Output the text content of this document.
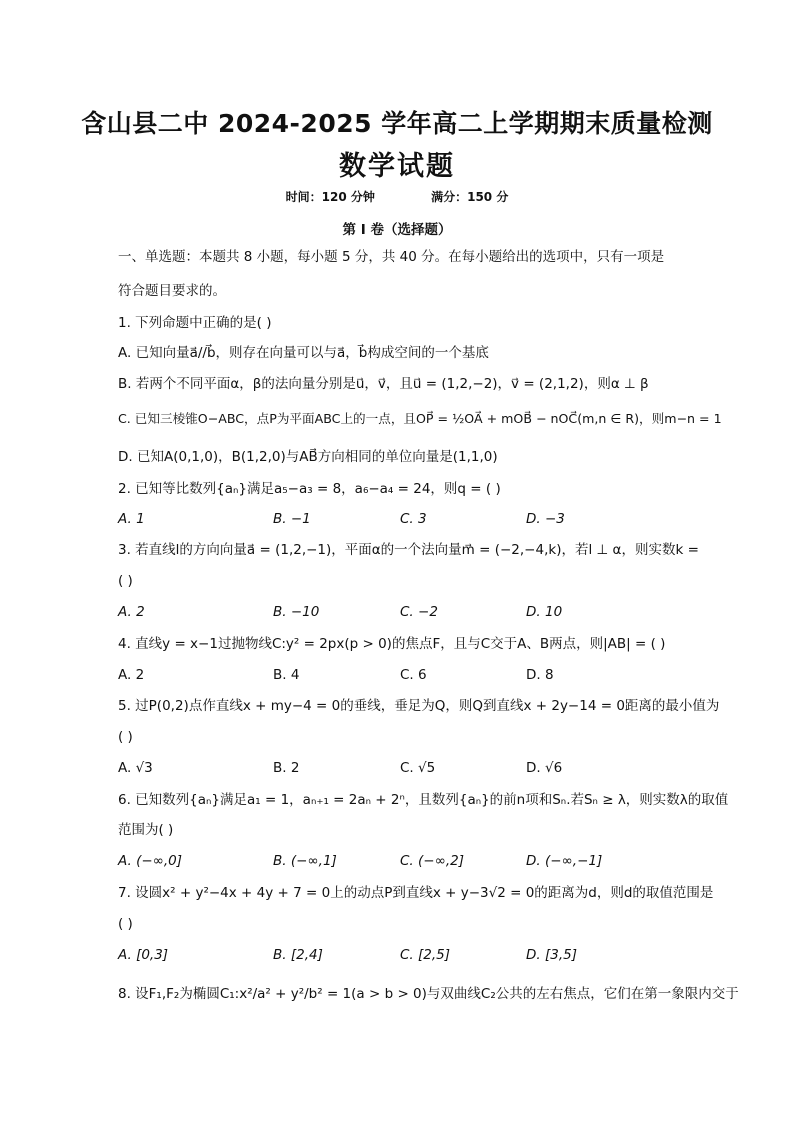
含山县二中 2024-2025 学年高二上学期期末质量检测
数学试题
时间：120 分钟	满分：150 分
第 I 卷（选择题）
一、单选题：本题共 8 小题，每小题 5 分，共 40 分。在每小题给出的选项中，只有一项是
符合题目要求的。
1. 下列命题中正确的是( )
A. 已知向量a⃗//b⃗，则存在向量可以与a⃗，b⃗构成空间的一个基底
B. 若两个不同平面α，β的法向量分别是u⃗，v⃗，且u⃗ = (1,2,−2)，v⃗ = (2,1,2)，则α ⊥ β
C. 已知三棱锥O−ABC，点P为平面ABC上的一点，且OP⃗ = ½OA⃗ + mOB⃗ − nOC⃗(m,n ∈ R)，则m−n = 1
D. 已知A(0,1,0)，B(1,2,0)与AB⃗方向相同的单位向量是(1,1,0)
2. 已知等比数列{aₙ}满足a₅−a₃ = 8，a₆−a₄ = 24，则q = ( )
A. 1	B. −1	C. 3	D. −3
3. 若直线l的方向向量a⃗ = (1,2,−1)，平面α的一个法向量m⃗ = (−2,−4,k)，若l ⊥ α，则实数k =
( )
A. 2	B. −10	C. −2	D. 10
4. 直线y = x−1过抛物线C:y² = 2px(p > 0)的焦点F，且与C交于A、B两点，则|AB| = ( )
A. 2	B. 4	C. 6	D. 8
5. 过P(0,2)点作直线x + my−4 = 0的垂线，垂足为Q，则Q到直线x + 2y−14 = 0距离的最小值为
( )
A. √3	B. 2	C. √5	D. √6
6. 已知数列{aₙ}满足a₁ = 1，aₙ₊₁ = 2aₙ + 2ⁿ，且数列{aₙ}的前n项和Sₙ.若Sₙ ≥ λ，则实数λ的取值
范围为( )
A. (−∞,0]	B. (−∞,1]	C. (−∞,2]	D. (−∞,−1]
7. 设圆x² + y²−4x + 4y + 7 = 0上的动点P到直线x + y−3√2 = 0的距离为d，则d的取值范围是
( )
A. [0,3]	B. [2,4]	C. [2,5]	D. [3,5]
8. 设F₁,F₂为椭圆C₁:x²/a² + y²/b² = 1(a > b > 0)与双曲线C₂公共的左右焦点，它们在第一象限内交于
